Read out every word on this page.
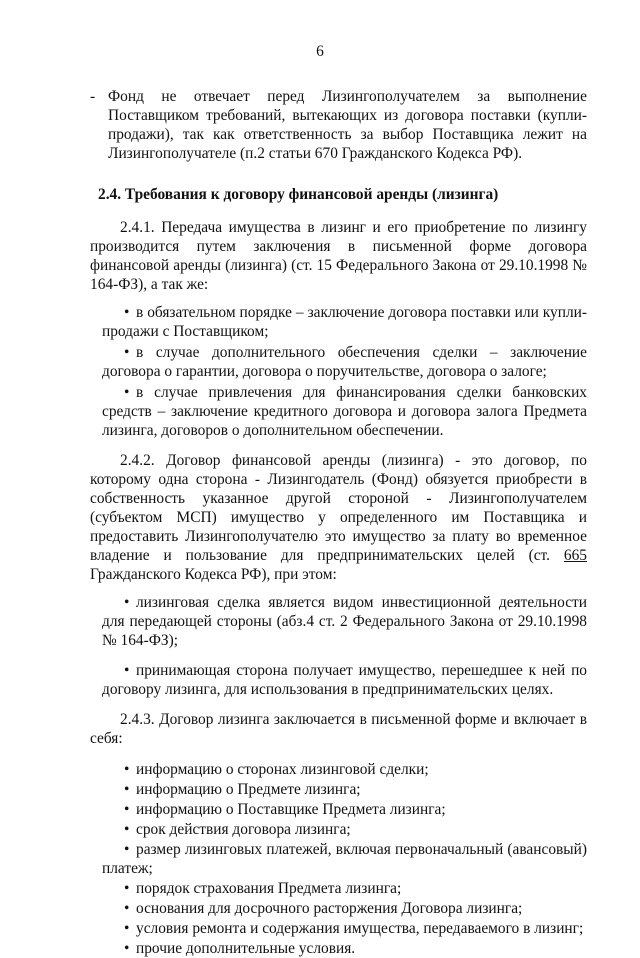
6

- Фонд не отвечает перед Лизингополучателем за выполнение Поставщиком требований, вытекающих из договора поставки (купли-продажи), так как ответственность за выбор Поставщика лежит на Лизингополучателе (п.2 статьи 670 Гражданского Кодекса РФ).

2.4. Требования к договору финансовой аренды (лизинга)

2.4.1. Передача имущества в лизинг и его приобретение по лизингу производится путем заключения в письменной форме договора финансовой аренды (лизинга) (ст. 15 Федерального Закона от 29.10.1998 № 164-ФЗ), а так же:

• в обязательном порядке – заключение договора поставки или купли-продажи с Поставщиком;
• в случае дополнительного обеспечения сделки – заключение договора о гарантии, договора о поручительстве, договора о залоге;
• в случае привлечения для финансирования сделки банковских средств – заключение кредитного договора и договора залога Предмета лизинга, договоров о дополнительном обеспечении.

2.4.2. Договор финансовой аренды (лизинга) - это договор, по которому одна сторона - Лизингодатель (Фонд) обязуется приобрести в собственность указанное другой стороной - Лизингополучателем (субъектом МСП) имущество у определенного им Поставщика и предоставить Лизингополучателю это имущество за плату во временное владение и пользование для предпринимательских целей (ст. 665 Гражданского Кодекса РФ), при этом:

• лизинговая сделка является видом инвестиционной деятельности для передающей стороны (абз.4 ст. 2 Федерального Закона от 29.10.1998 № 164-ФЗ);
• принимающая сторона получает имущество, перешедшее к ней по договору лизинга, для использования в предпринимательских целях.

2.4.3. Договор лизинга заключается в письменной форме и включает в себя:

• информацию о сторонах лизинговой сделки;
• информацию о Предмете лизинга;
• информацию о Поставщике Предмета лизинга;
• срок действия договора лизинга;
• размер лизинговых платежей, включая первоначальный (авансовый) платеж;
• порядок страхования Предмета лизинга;
• основания для досрочного расторжения Договора лизинга;
• условия ремонта и содержания имущества, передаваемого в лизинг;
• прочие дополнительные условия.
